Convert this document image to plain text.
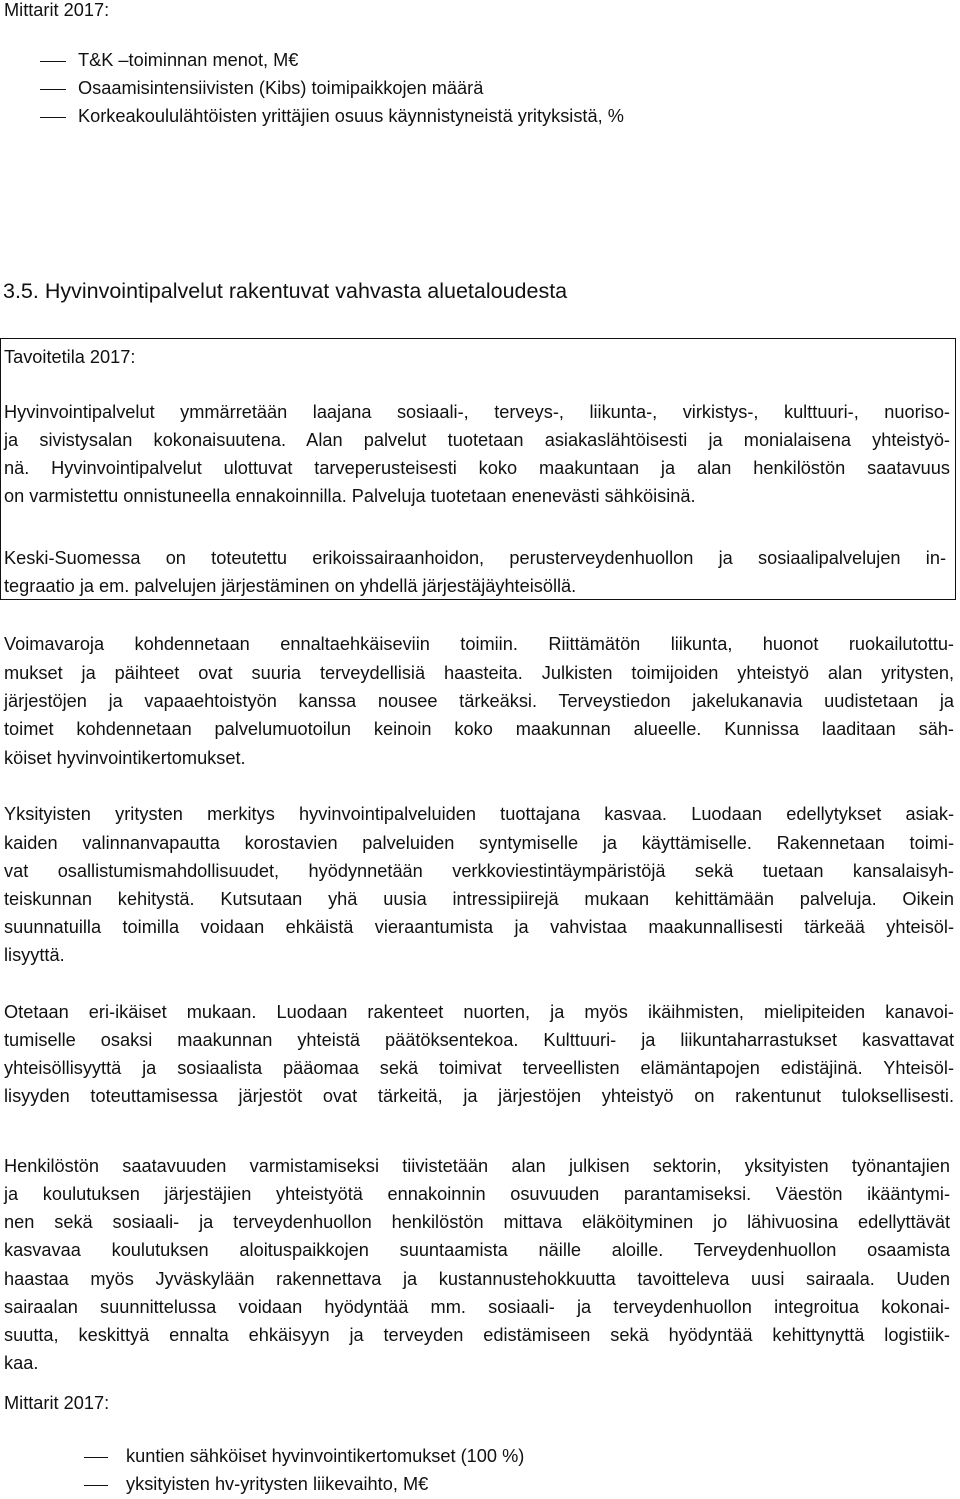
Mittarit 2017:
T&K –toiminnan menot, M€
Osaamisintensiivisten (Kibs) toimipaikkojen määrä
Korkeakoululähtöisten yrittäjien osuus käynnistyneistä yrityksistä, %
3.5. Hyvinvointipalvelut rakentuvat vahvasta aluetaloudesta
Tavoitetila 2017:
Hyvinvointipalvelut ymmärretään laajana sosiaali-, terveys-, liikunta-, virkistys-, kulttuuri-, nuoriso-
ja sivistysalan kokonaisuutena. Alan palvelut tuotetaan asiakaslähtöisesti ja monialaisena yhteistyö-
nä. Hyvinvointipalvelut ulottuvat tarveperusteisesti koko maakuntaan ja alan henkilöstön saatavuus
on varmistettu onnistuneella ennakoinnilla. Palveluja tuotetaan enenevästi sähköisinä.
Keski-Suomessa on toteutettu erikoissairaanhoidon, perusterveydenhuollon ja sosiaalipalvelujen in-
tegraatio ja em. palvelujen järjestäminen on yhdellä järjestäjäyhteisöllä.
Voimavaroja kohdennetaan ennaltaehkäiseviin toimiin. Riittämätön liikunta, huonot ruokailutottu-
mukset ja päihteet ovat suuria terveydellisiä haasteita. Julkisten toimijoiden yhteistyö alan yritysten,
järjestöjen ja vapaaehtoistyön kanssa nousee tärkeäksi. Terveystiedon jakelukanavia uudistetaan ja
toimet kohdennetaan palvelumuotoilun keinoin koko maakunnan alueelle. Kunnissa laaditaan säh-
köiset hyvinvointikertomukset.
Yksityisten yritysten merkitys hyvinvointipalveluiden tuottajana kasvaa. Luodaan edellytykset asiak-
kaiden valinnanvapautta korostavien palveluiden syntymiselle ja käyttämiselle. Rakennetaan toimi-
vat osallistumismahdollisuudet, hyödynnetään verkkoviestintäympäristöjä sekä tuetaan kansalaisyh-
teiskunnan kehitystä. Kutsutaan yhä uusia intressipiirejä mukaan kehittämään palveluja. Oikein
suunnatuilla toimilla voidaan ehkäistä vieraantumista ja vahvistaa maakunnallisesti tärkeää yhteisöl-
lisyyttä.
Otetaan eri-ikäiset mukaan. Luodaan rakenteet nuorten, ja myös ikäihmisten, mielipiteiden kanavoi-
tumiselle osaksi maakunnan yhteistä päätöksentekoa. Kulttuuri- ja liikuntaharrastukset kasvattavat
yhteisöllisyyttä ja sosiaalista pääomaa sekä toimivat terveellisten elämäntapojen edistäjinä. Yhteisöl-
lisyyden toteuttamisessa järjestöt ovat tärkeitä, ja järjestöjen yhteistyö on rakentunut tuloksellisesti.
Henkilöstön saatavuuden varmistamiseksi tiivistetään alan julkisen sektorin, yksityisten työnantajien
ja koulutuksen järjestäjien yhteistyötä ennakoinnin osuvuuden parantamiseksi. Väestön ikääntymi-
nen sekä sosiaali- ja terveydenhuollon henkilöstön mittava eläköityminen jo lähivuosina edellyttävät
kasvavaa koulutuksen aloituspaikkojen suuntaamista näille aloille. Terveydenhuollon osaamista
haastaa myös Jyväskylään rakennettava ja kustannustehokkuutta tavoitteleva uusi sairaala. Uuden
sairaalan suunnittelussa voidaan hyödyntää mm. sosiaali- ja terveydenhuollon integroitua kokonai-
suutta, keskittyä ennalta ehkäisyyn ja terveyden edistämiseen sekä hyödyntää kehittynyttä logistiik-
kaa.
Mittarit 2017:
kuntien sähköiset hyvinvointikertomukset (100 %)
yksityisten hv-yritysten liikevaihto, M€
